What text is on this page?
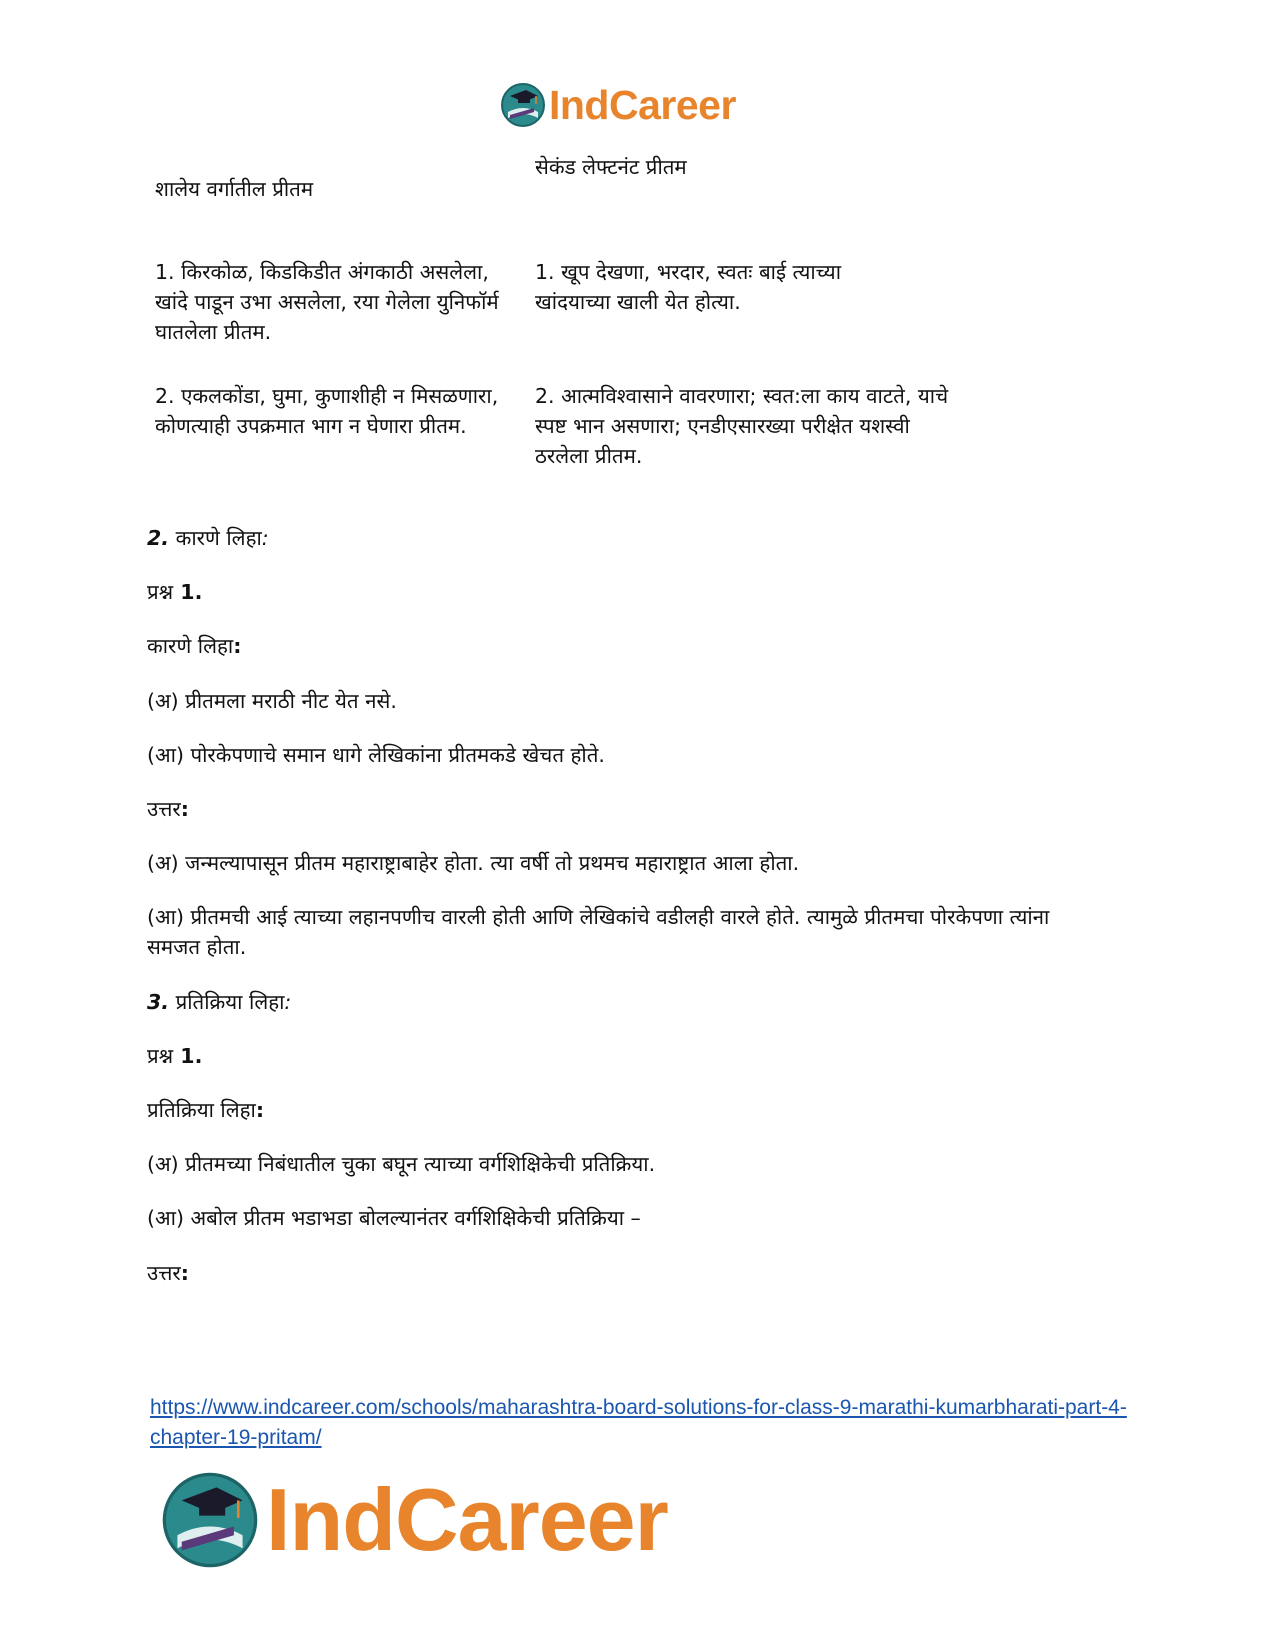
IndCareer
शालेय वर्गातील प्रीतम
सेकंड लेफ्टनंट प्रीतम
1. किरकोळ, किडकिडीत अंगकाठी असलेला, खांदे पाडून उभा असलेला, रया गेलेला युनिफॉर्म घातलेला प्रीतम.
1. खूप देखणा, भरदार, स्वतः बाई त्याच्या खांदयाच्या खाली येत होत्या.
2. एकलकोंडा, घुमा, कुणाशीही न मिसळणारा, कोणत्याही उपक्रमात भाग न घेणारा प्रीतम.
2. आत्मविश्वासाने वावरणारा; स्वत:ला काय वाटते, याचे स्पष्ट भान असणारा; एनडीएसारख्या परीक्षेत यशस्वी ठरलेला प्रीतम.
2. कारणे लिहा:
प्रश्न 1.
कारणे लिहा:
(अ) प्रीतमला मराठी नीट येत नसे.
(आ) पोरकेपणाचे समान धागे लेखिकांना प्रीतमकडे खेचत होते.
उत्तर:
(अ) जन्मल्यापासून प्रीतम महाराष्ट्राबाहेर होता. त्या वर्षी तो प्रथमच महाराष्ट्रात आला होता.
(आ) प्रीतमची आई त्याच्या लहानपणीच वारली होती आणि लेखिकांचे वडीलही वारले होते. त्यामुळे प्रीतमचा पोरकेपणा त्यांना समजत होता.
3. प्रतिक्रिया लिहा:
प्रश्न 1.
प्रतिक्रिया लिहा:
(अ) प्रीतमच्या निबंधातील चुका बघून त्याच्या वर्गशिक्षिकेची प्रतिक्रिया.
(आ) अबोल प्रीतम भडाभडा बोलल्यानंतर वर्गशिक्षिकेची प्रतिक्रिया –
उत्तर:
https://www.indcareer.com/schools/maharashtra-board-solutions-for-class-9-marathi-kumarbharati-part-4-chapter-19-pritam/
IndCareer
